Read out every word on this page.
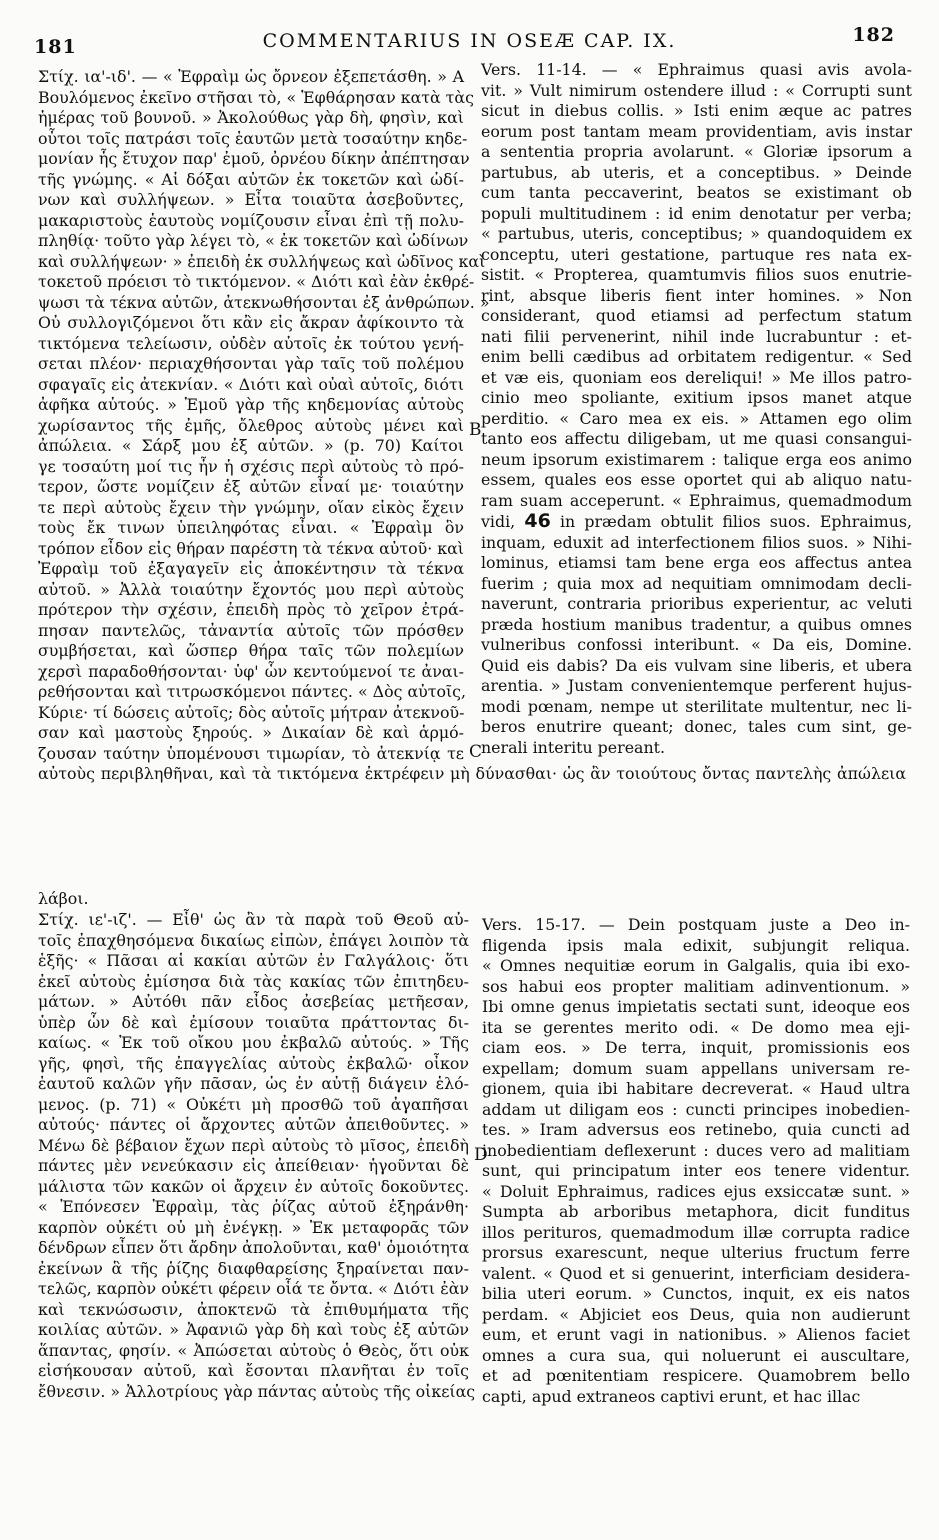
181	COMMENTARIUS IN OSEÆ CAP. IX.	182
Στίχ. ια'-ιδ'. — « Ἐφραὶμ ὡς ὄρνεον ἐξεπετάσθη. » Α
Βουλόμενος ἐκεῖνο στῆσαι τὸ, « Ἐφθάρησαν κατὰ τὰς
ἡμέρας τοῦ βουνοῦ. » Ἀκολούθως γὰρ δὴ, φησὶν, καὶ
οὗτοι τοῖς πατράσι τοῖς ἑαυτῶν μετὰ τοσαύτην κηδε-
μονίαν ἧς ἔτυχον παρ' ἐμοῦ, ὀρνέου δίκην ἀπέπτησαν
τῆς γνώμης. « Αἱ δόξαι αὐτῶν ἐκ τοκετῶν καὶ ὠδί-
νων καὶ συλλήψεων. » Εἶτα τοιαῦτα ἀσεβοῦντες,
μακαριστοὺς ἑαυτοὺς νομίζουσιν εἶναι ἐπὶ τῇ πολυ-
πληθίᾳ· τοῦτο γὰρ λέγει τὸ, « ἐκ τοκετῶν καὶ ὠδίνων
καὶ συλλήψεων· » ἐπειδὴ ἐκ συλλήψεως καὶ ὠδῖνος καὶ
τοκετοῦ πρόεισι τὸ τικτόμενον. « Διότι καὶ ἐὰν ἐκθρέ-
ψωσι τὰ τέκνα αὐτῶν, ἀτεκνωθήσονται ἐξ ἀνθρώπων. »
Οὐ συλλογιζόμενοι ὅτι κἂν εἰς ἄκραν ἀφίκοιντο τὰ
τικτόμενα τελείωσιν, οὐδὲν αὐτοῖς ἐκ τούτου γενή-
σεται πλέον· περιαχθήσονται γὰρ ταῖς τοῦ πολέμου
σφαγαῖς εἰς ἀτεκνίαν. « Διότι καὶ οὐαὶ αὐτοῖς, διότι
ἀφῆκα αὐτούς. » Ἐμοῦ γὰρ τῆς κηδεμονίας αὐτοὺς
χωρίσαντος τῆς ἐμῆς, ὄλεθρος αὐτοὺς μένει καὶ
ἀπώλεια. « Σάρξ μου ἐξ αὐτῶν. » (p. 70) Καίτοι
γε τοσαύτη μοί τις ἦν ἡ σχέσις περὶ αὐτοὺς τὸ πρό-
τερον, ὥστε νομίζειν ἐξ αὐτῶν εἶναί με· τοιαύτην
τε περὶ αὐτοὺς ἔχειν τὴν γνώμην, οἵαν εἰκὸς ἔχειν
τοὺς ἔκ τινων ὑπειληφότας εἶναι. « Ἐφραὶμ ὃν
τρόπον εἶδον εἰς θήραν παρέστη τὰ τέκνα αὐτοῦ· καὶ
Ἐφραὶμ τοῦ ἐξαγαγεῖν εἰς ἀποκέντησιν τὰ τέκνα
αὐτοῦ. » Ἀλλὰ τοιαύτην ἔχοντός μου περὶ αὐτοὺς
πρότερον τὴν σχέσιν, ἐπειδὴ πρὸς τὸ χεῖρον ἐτρά-
πησαν παντελῶς, τἀναντία αὐτοῖς τῶν πρόσθεν
συμβήσεται, καὶ ὥσπερ θήρα ταῖς τῶν πολεμίων
χερσὶ παραδοθήσονται· ὑφ' ὧν κεντούμενοί τε ἀναι-
ρεθήσονται καὶ τιτρωσκόμενοι πάντες. « Δὸς αὐτοῖς,
Κύριε· τί δώσεις αὐτοῖς; δὸς αὐτοῖς μήτραν ἀτεκνοῦ-
σαν καὶ μαστοὺς ξηρούς. » Δικαίαν δὲ καὶ ἁρμό-
ζουσαν ταύτην ὑπομένουσι τιμωρίαν, τὸ ἀτεκνίᾳ τε
αὐτοὺς περιβληθῆναι, καὶ τὰ τικτόμενα ἐκτρέφειν μὴ δύνασθαι· ὡς ἂν τοιούτους ὄντας παντελὴς ἀπώλεια
Vers. 11-14. — « Ephraimus quasi avis avola-
vit. » Vult nimirum ostendere illud : « Corrupti sunt
sicut in diebus collis. » Isti enim æque ac patres
eorum post tantam meam providentiam, avis instar
a sententia propria avolarunt. « Gloriæ ipsorum a
partubus, ab uteris, et a conceptibus. » Deinde
cum tanta peccaverint, beatos se existimant ob
populi multitudinem : id enim denotatur per verba;
« partubus, uteris, conceptibus; » quandoquidem ex
conceptu, uteri gestatione, partuque res nata ex-
sistit. « Propterea, quamtumvis filios suos enutrie-
rint, absque liberis fient inter homines. » Non
considerant, quod etiamsi ad perfectum statum
nati filii pervenerint, nihil inde lucrabuntur : et-
enim belli cædibus ad orbitatem redigentur. « Sed
et væ eis, quoniam eos dereliqui! » Me illos patro-
cinio meo spoliante, exitium ipsos manet atque
perditio. « Caro mea ex eis. » Attamen ego olim
tanto eos affectu diligebam, ut me quasi consangui-
neum ipsorum existimarem : talique erga eos animo
essem, quales eos esse oportet qui ab aliquo natu-
ram suam acceperunt. « Ephraimus, quemadmodum
vidi, 46 in prædam obtulit filios suos. Ephraimus,
inquam, eduxit ad interfectionem filios suos. » Nihi-
lominus, etiamsi tam bene erga eos affectus antea
fuerim ; quia mox ad nequitiam omnimodam decli-
naverunt, contraria prioribus experientur, ac veluti
præda hostium manibus tradentur, a quibus omnes
vulneribus confossi interibunt. « Da eis, Domine.
Quid eis dabis? Da eis vulvam sine liberis, et ubera
arentia. » Justam convenientemque perferent hujus-
modi pœnam, nempe ut sterilitate multentur, nec li-
beros enutrire queant; donec, tales cum sint, ge-
nerali interitu pereant.
B
C
D
λάβοι.
Στίχ. ιε'-ιζ'. — Εἶθ' ὡς ἂν τὰ παρὰ τοῦ Θεοῦ αὐ-
τοῖς ἐπαχθησόμενα δικαίως εἰπὼν, ἐπάγει λοιπὸν τὰ
ἑξῆς· « Πᾶσαι αἱ κακίαι αὐτῶν ἐν Γαλγάλοις· ὅτι
ἐκεῖ αὐτοὺς ἐμίσησα διὰ τὰς κακίας τῶν ἐπιτηδευ-
μάτων. » Αὐτόθι πᾶν εἶδος ἀσεβείας μετῆεσαν,
ὑπὲρ ὧν δὲ καὶ ἐμίσουν τοιαῦτα πράττοντας δι-
καίως. « Ἐκ τοῦ οἴκου μου ἐκβαλῶ αὐτούς. » Τῆς
γῆς, φησὶ, τῆς ἐπαγγελίας αὐτοὺς ἐκβαλῶ· οἶκον
ἑαυτοῦ καλῶν γῆν πᾶσαν, ὡς ἐν αὐτῇ διάγειν ἑλό-
μενος. (p. 71) « Οὐκέτι μὴ προσθῶ τοῦ ἀγαπῆσαι
αὐτούς· πάντες οἱ ἄρχοντες αὐτῶν ἀπειθοῦντες. »
Μένω δὲ βέβαιον ἔχων περὶ αὐτοὺς τὸ μῖσος, ἐπειδὴ
πάντες μὲν νενεύκασιν εἰς ἀπείθειαν· ἡγοῦνται δὲ
μάλιστα τῶν κακῶν οἱ ἄρχειν ἐν αὐτοῖς δοκοῦντες.
« Ἐπόνεσεν Ἐφραὶμ, τὰς ῥίζας αὐτοῦ ἐξηράνθη·
καρπὸν οὐκέτι οὐ μὴ ἐνέγκῃ. » Ἐκ μεταφορᾶς τῶν
δένδρων εἶπεν ὅτι ἄρδην ἀπολοῦνται, καθ' ὁμοιότητα
ἐκείνων ἃ τῆς ῥίζης διαφθαρείσης ξηραίνεται παν-
τελῶς, καρπὸν οὐκέτι φέρειν οἷά τε ὄντα. « Διότι ἐὰν
καὶ τεκνώσωσιν, ἀποκτενῶ τὰ ἐπιθυμήματα τῆς
κοιλίας αὐτῶν. » Ἀφανιῶ γὰρ δὴ καὶ τοὺς ἐξ αὐτῶν
ἅπαντας, φησίν. « Ἀπώσεται αὐτοὺς ὁ Θεὸς, ὅτι οὐκ
εἰσήκουσαν αὐτοῦ, καὶ ἔσονται πλανῆται ἐν τοῖς
ἔθνεσιν. » Ἀλλοτρίους γὰρ πάντας αὐτοὺς τῆς οἰκείας
Vers. 15-17. — Dein postquam juste a Deo in-
fligenda ipsis mala edixit, subjungit reliqua.
« Omnes nequitiæ eorum in Galgalis, quia ibi exo-
sos habui eos propter malitiam adinventionum. »
Ibi omne genus impietatis sectati sunt, ideoque eos
ita se gerentes merito odi. « De domo mea eji-
ciam eos. » De terra, inquit, promissionis eos
expellam; domum suam appellans universam re-
gionem, quia ibi habitare decreverat. « Haud ultra
addam ut diligam eos : cuncti principes inobedien-
tes. » Iram adversus eos retinebo, quia cuncti ad
inobedientiam deflexerunt : duces vero ad malitiam
sunt, qui principatum inter eos tenere videntur.
« Doluit Ephraimus, radices ejus exsiccatæ sunt. »
Sumpta ab arboribus metaphora, dicit funditus
illos perituros, quemadmodum illæ corrupta radice
prorsus exarescunt, neque ulterius fructum ferre
valent. « Quod et si genuerint, interficiam desidera-
bilia uteri eorum. » Cunctos, inquit, ex eis natos
perdam. « Abjiciet eos Deus, quia non audierunt
eum, et erunt vagi in nationibus. » Alienos faciet
omnes a cura sua, qui noluerunt ei auscultare,
et ad pœnitentiam respicere. Quamobrem bello
capti, apud extraneos captivi erunt, et hac illac
